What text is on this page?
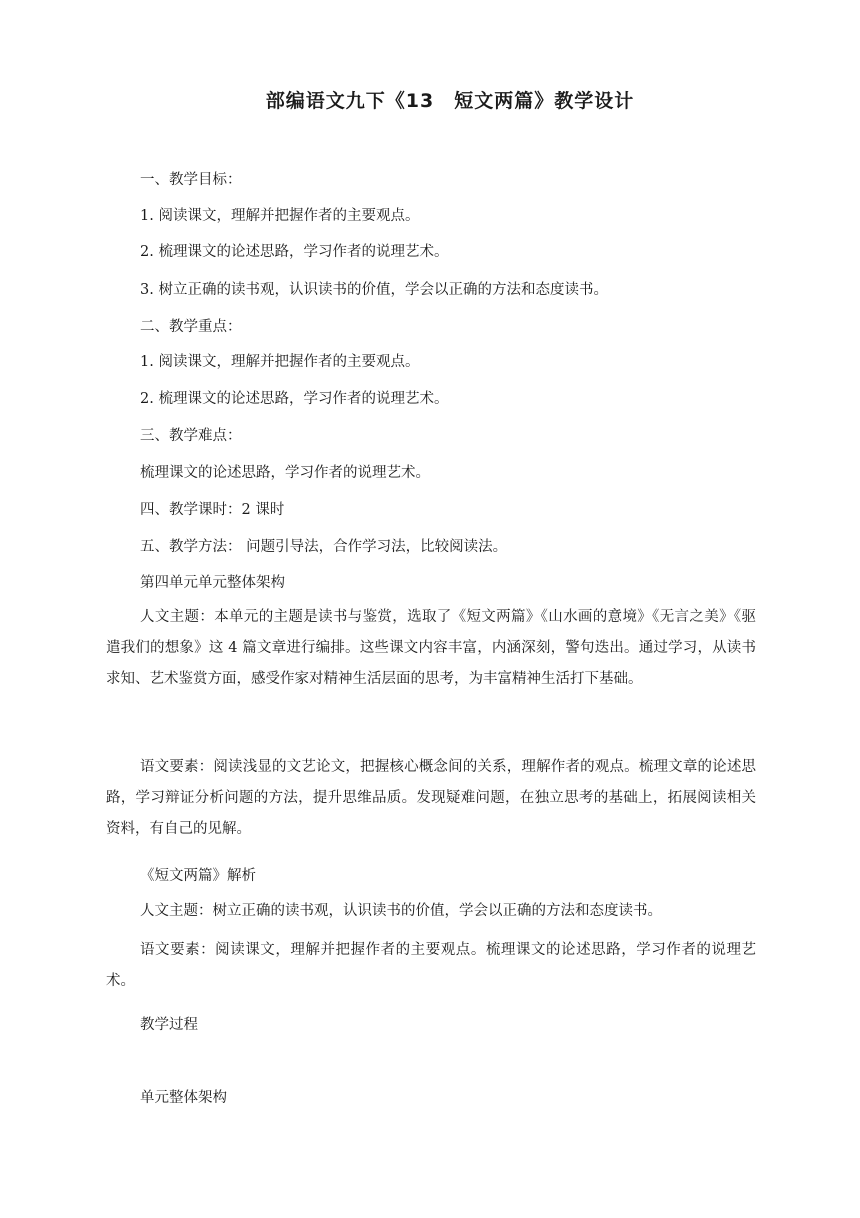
部编语文九下《13　短文两篇》教学设计
一、教学目标：
1. 阅读课文，理解并把握作者的主要观点。
2. 梳理课文的论述思路，学习作者的说理艺术。
3. 树立正确的读书观，认识读书的价值，学会以正确的方法和态度读书。
二、教学重点：
1. 阅读课文，理解并把握作者的主要观点。
2. 梳理课文的论述思路，学习作者的说理艺术。
三、教学难点：
梳理课文的论述思路，学习作者的说理艺术。
四、教学课时：2 课时
五、教学方法： 问题引导法，合作学习法，比较阅读法。
第四单元单元整体架构
人文主题：本单元的主题是读书与鉴赏，选取了《短文两篇》《山水画的意境》《无言之美》《驱遣我们的想象》这 4 篇文章进行编排。这些课文内容丰富，内涵深刻，警句迭出。通过学习，从读书求知、艺术鉴赏方面，感受作家对精神生活层面的思考，为丰富精神生活打下基础。
语文要素：阅读浅显的文艺论文，把握核心概念间的关系，理解作者的观点。梳理文章的论述思路，学习辩证分析问题的方法，提升思维品质。发现疑难问题，在独立思考的基础上，拓展阅读相关资料，有自己的见解。
《短文两篇》解析
人文主题：树立正确的读书观，认识读书的价值，学会以正确的方法和态度读书。
语文要素：阅读课文，理解并把握作者的主要观点。梳理课文的论述思路，学习作者的说理艺术。
教学过程
单元整体架构
